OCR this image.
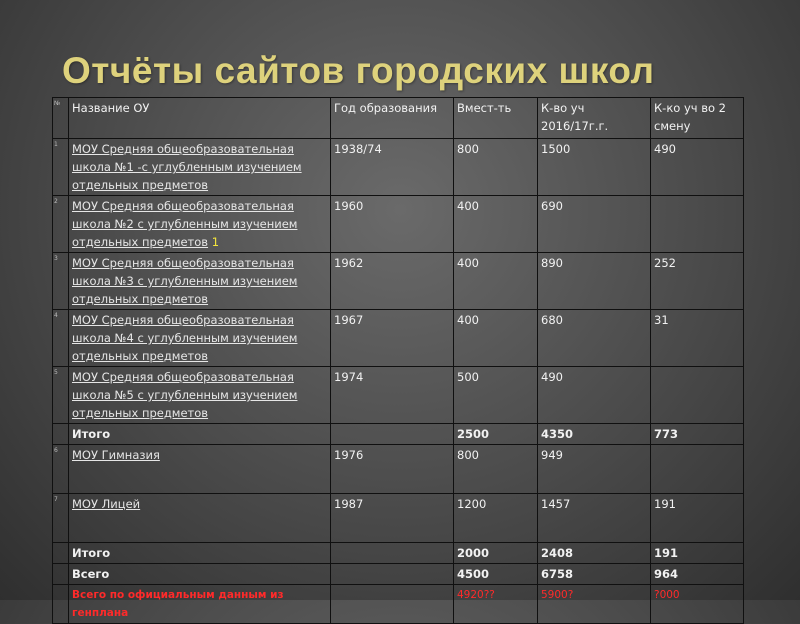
Отчёты сайтов городских школ
№	Название ОУ	Год образования	Вмест-ть	К-во уч 2016/17г.г.	К-ко уч во 2 смену
1	МОУ Средняя общеобразовательная школа №1 -с углубленным изучением отдельных предметов	1938/74	800	1500	490
2	МОУ Средняя общеобразовательная школа №2 с углубленным изучением отдельных предметов 1	1960	400	690	
3	МОУ Средняя общеобразовательная школа №3 с углубленным изучением отдельных предметов	1962	400	890	252
4	МОУ Средняя общеобразовательная школа №4 с углубленным изучением отдельных предметов	1967	400	680	31
5	МОУ Средняя общеобразовательная школа №5 с углубленным изучением отдельных предметов	1974	500	490	
	Итого		2500	4350	773
6	МОУ Гимназия	1976	800	949	
7	МОУ Лицей	1987	1200	1457	191
	Итого		2000	2408	191
	Всего		4500	6758	964
	Всего по официальным данным из генплана		4920??	5900?	?000
